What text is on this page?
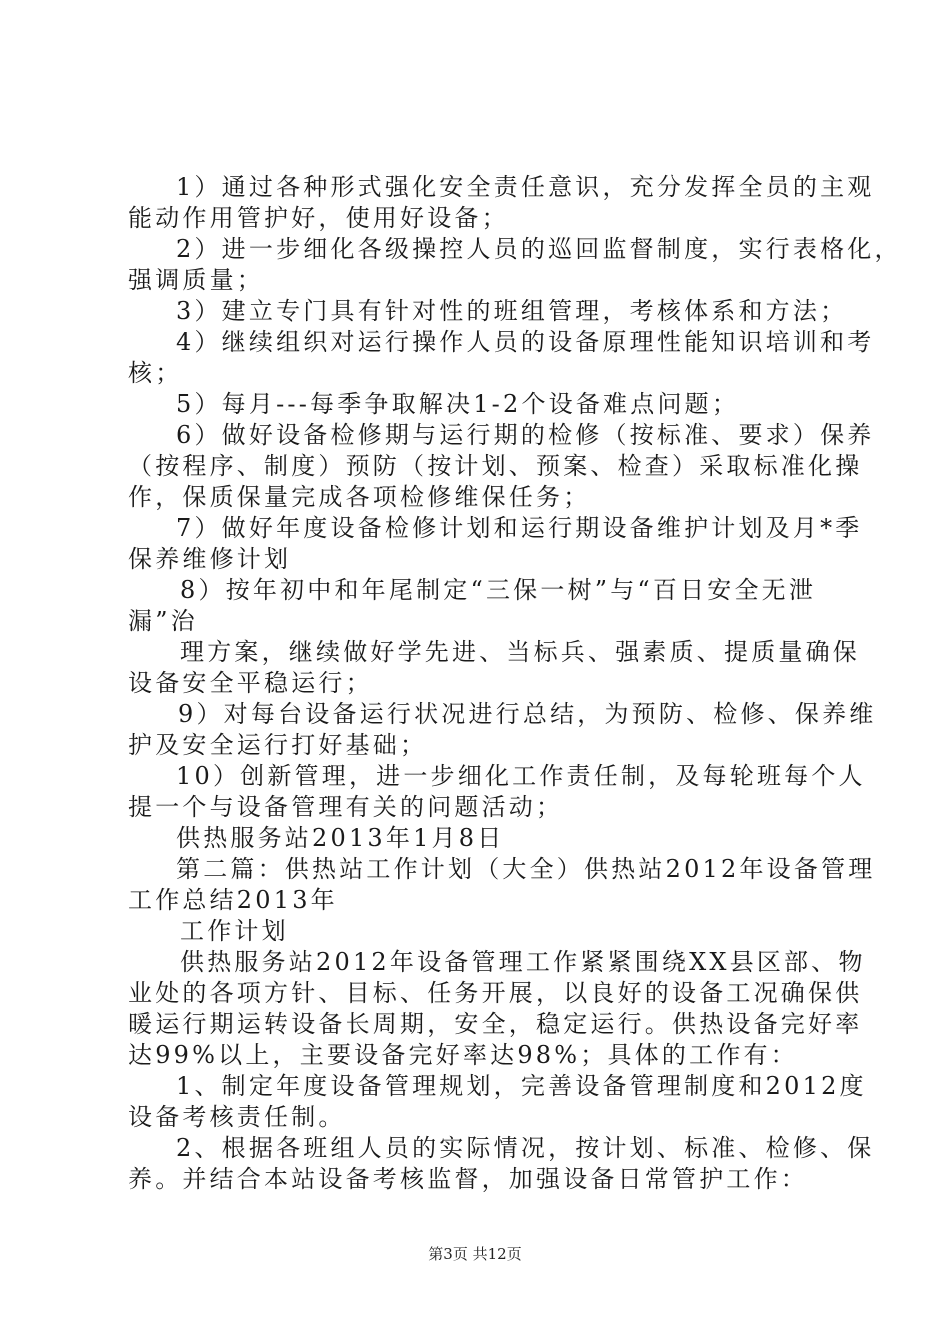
1）通过各种形式强化安全责任意识，充分发挥全员的主观

能动作用管护好，使用好设备；

2）进一步细化各级操控人员的巡回监督制度，实行表格化，

强调质量；

3）建立专门具有针对性的班组管理，考核体系和方法；

4）继续组织对运行操作人员的设备原理性能知识培训和考

核；

5）每月---每季争取解决1-2个设备难点问题；

6）做好设备检修期与运行期的检修（按标准、要求）保养

（按程序、制度）预防（按计划、预案、检查）采取标准化操

作，保质保量完成各项检修维保任务；

7）做好年度设备检修计划和运行期设备维护计划及月*季

保养维修计划

8）按年初中和年尾制定“三保一树”与“百日安全无泄

漏”治

理方案，继续做好学先进、当标兵、强素质、提质量确保

设备安全平稳运行；

9）对每台设备运行状况进行总结，为预防、检修、保养维

护及安全运行打好基础；

10）创新管理，进一步细化工作责任制，及每轮班每个人

提一个与设备管理有关的问题活动；

供热服务站2013年1月8日

第二篇：供热站工作计划（大全）供热站2012年设备管理

工作总结2013年

工作计划

供热服务站2012年设备管理工作紧紧围绕XX县区部、物

业处的各项方针、目标、任务开展，以良好的设备工况确保供

暖运行期运转设备长周期，安全，稳定运行。供热设备完好率

达99%以上，主要设备完好率达98%；具体的工作有：

1、制定年度设备管理规划，完善设备管理制度和2012度

设备考核责任制。

2、根据各班组人员的实际情况，按计划、标准、检修、保

养。并结合本站设备考核监督，加强设备日常管护工作：

第3页 共12页
